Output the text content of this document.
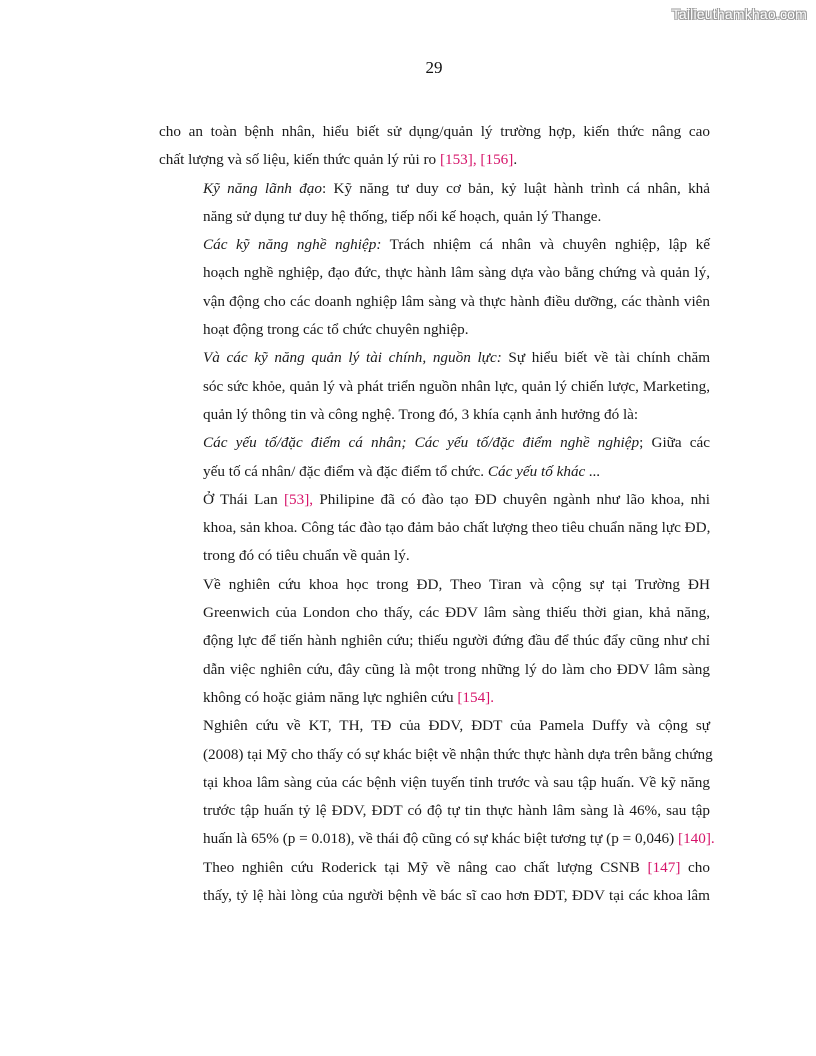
Tailieuthamkhao.com
29
cho an toàn bệnh nhân, hiểu biết sử dụng/quản lý trường hợp, kiến thức nâng cao
chất lượng và số liệu, kiến thức quản lý rủi ro [153], [156].
Kỹ năng lãnh đạo: Kỹ năng tư duy cơ bản, kỷ luật hành trình cá nhân, khả
năng sử dụng tư duy hệ thống, tiếp nối kế hoạch, quản lý Thange.
Các kỹ năng nghề nghiệp: Trách nhiệm cá nhân và chuyên nghiệp, lập kế
hoạch nghề nghiệp, đạo đức, thực hành lâm sàng dựa vào bằng chứng và quản lý,
vận động cho các doanh nghiệp lâm sàng và thực hành điều dưỡng, các thành viên
hoạt động trong các tổ chức chuyên nghiệp.
Và các kỹ năng quản lý tài chính, nguồn lực: Sự hiểu biết về tài chính chăm
sóc sức khỏe, quản lý và phát triển nguồn nhân lực, quản lý chiến lược, Marketing,
quản lý thông tin và công nghệ. Trong đó, 3 khía cạnh ảnh hưởng đó là:
Các yếu tố/đặc điểm cá nhân; Các yếu tố/đặc điểm nghề nghiệp; Giữa các
yếu tố cá nhân/ đặc điểm và đặc điểm tổ chức. Các yếu tố khác ...
Ở Thái Lan [53], Philipine đã có đào tạo ĐD chuyên ngành như lão khoa, nhi
khoa, sản khoa. Công tác đào tạo đảm bảo chất lượng theo tiêu chuẩn năng lực ĐD,
trong đó có tiêu chuẩn về quản lý.
Về nghiên cứu khoa học trong ĐD, Theo Tiran và cộng sự tại Trường ĐH
Greenwich của London cho thấy, các ĐDV lâm sàng thiếu thời gian, khả năng,
động lực để tiến hành nghiên cứu; thiếu người đứng đầu để thúc đẩy cũng như chỉ
dẫn việc nghiên cứu, đây cũng là một trong những lý do làm cho ĐDV lâm sàng
không có hoặc giảm năng lực nghiên cứu [154].
Nghiên cứu về KT, TH, TĐ của ĐDV, ĐDT của Pamela Duffy và cộng sự
(2008) tại Mỹ cho thấy có sự khác biệt về nhận thức thực hành dựa trên bằng chứng
tại khoa lâm sàng của các bệnh viện tuyến tỉnh trước và sau tập huấn. Về kỹ năng
trước tập huấn tỷ lệ ĐDV, ĐDT có độ tự tin thực hành lâm sàng là 46%, sau tập
huấn là 65% (p = 0.018), về thái độ cũng có sự khác biệt tương tự (p = 0,046) [140].
Theo nghiên cứu Roderick tại Mỹ về nâng cao chất lượng CSNB [147] cho
thấy, tỷ lệ hài lòng của người bệnh về bác sĩ cao hơn ĐDT, ĐDV tại các khoa lâm
